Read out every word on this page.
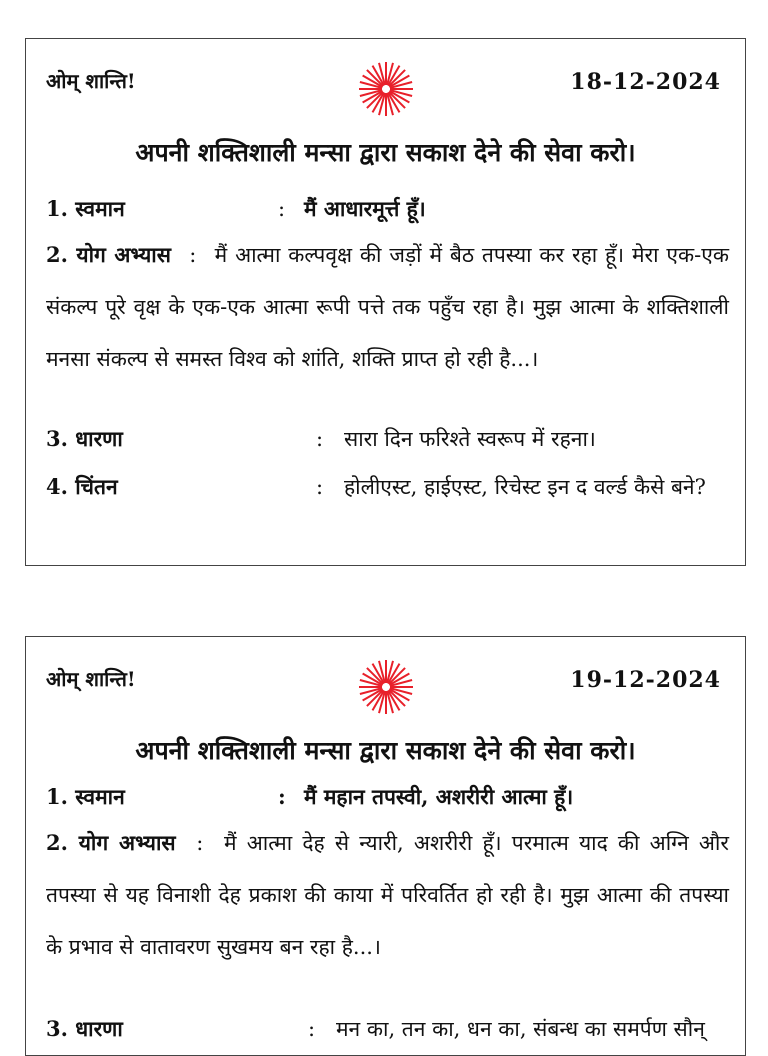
ओम् शान्ति!	18-12-2024
अपनी शक्तिशाली मन्सा द्वारा सकाश देने की सेवा करो।
1. स्वमान	: मैं आधारमूर्त्त हूँ।
2. योग अभ्यास : मैं आत्मा कल्पवृक्ष की जड़ों में बैठ तपस्या कर रहा हूँ। मेरा एक-एक संकल्प पूरे वृक्ष के एक-एक आत्मा रूपी पत्ते तक पहुँच रहा है। मुझ आत्मा के शक्तिशाली मनसा संकल्प से समस्त विश्व को शांति, शक्ति प्राप्त हो रही है...।
3. धारणा	: सारा दिन फरिश्ते स्वरूप में रहना।
4. चिंतन	: होलीएस्ट, हाईएस्ट, रिचेस्ट इन द वर्ल्ड कैसे बने?
ओम् शान्ति!	19-12-2024
अपनी शक्तिशाली मन्सा द्वारा सकाश देने की सेवा करो।
1. स्वमान	: मैं महान तपस्वी, अशरीरी आत्मा हूँ।
2. योग अभ्यास : मैं आत्मा देह से न्यारी, अशरीरी हूँ। परमात्म याद की अग्नि और तपस्या से यह विनाशी देह प्रकाश की काया में परिवर्तित हो रही है। मुझ आत्मा की तपस्या के प्रभाव से वातावरण सुखमय बन रहा है...।
3. धारणा	: मन का, तन का, धन का, संबन्ध का समर्पण सौन्
